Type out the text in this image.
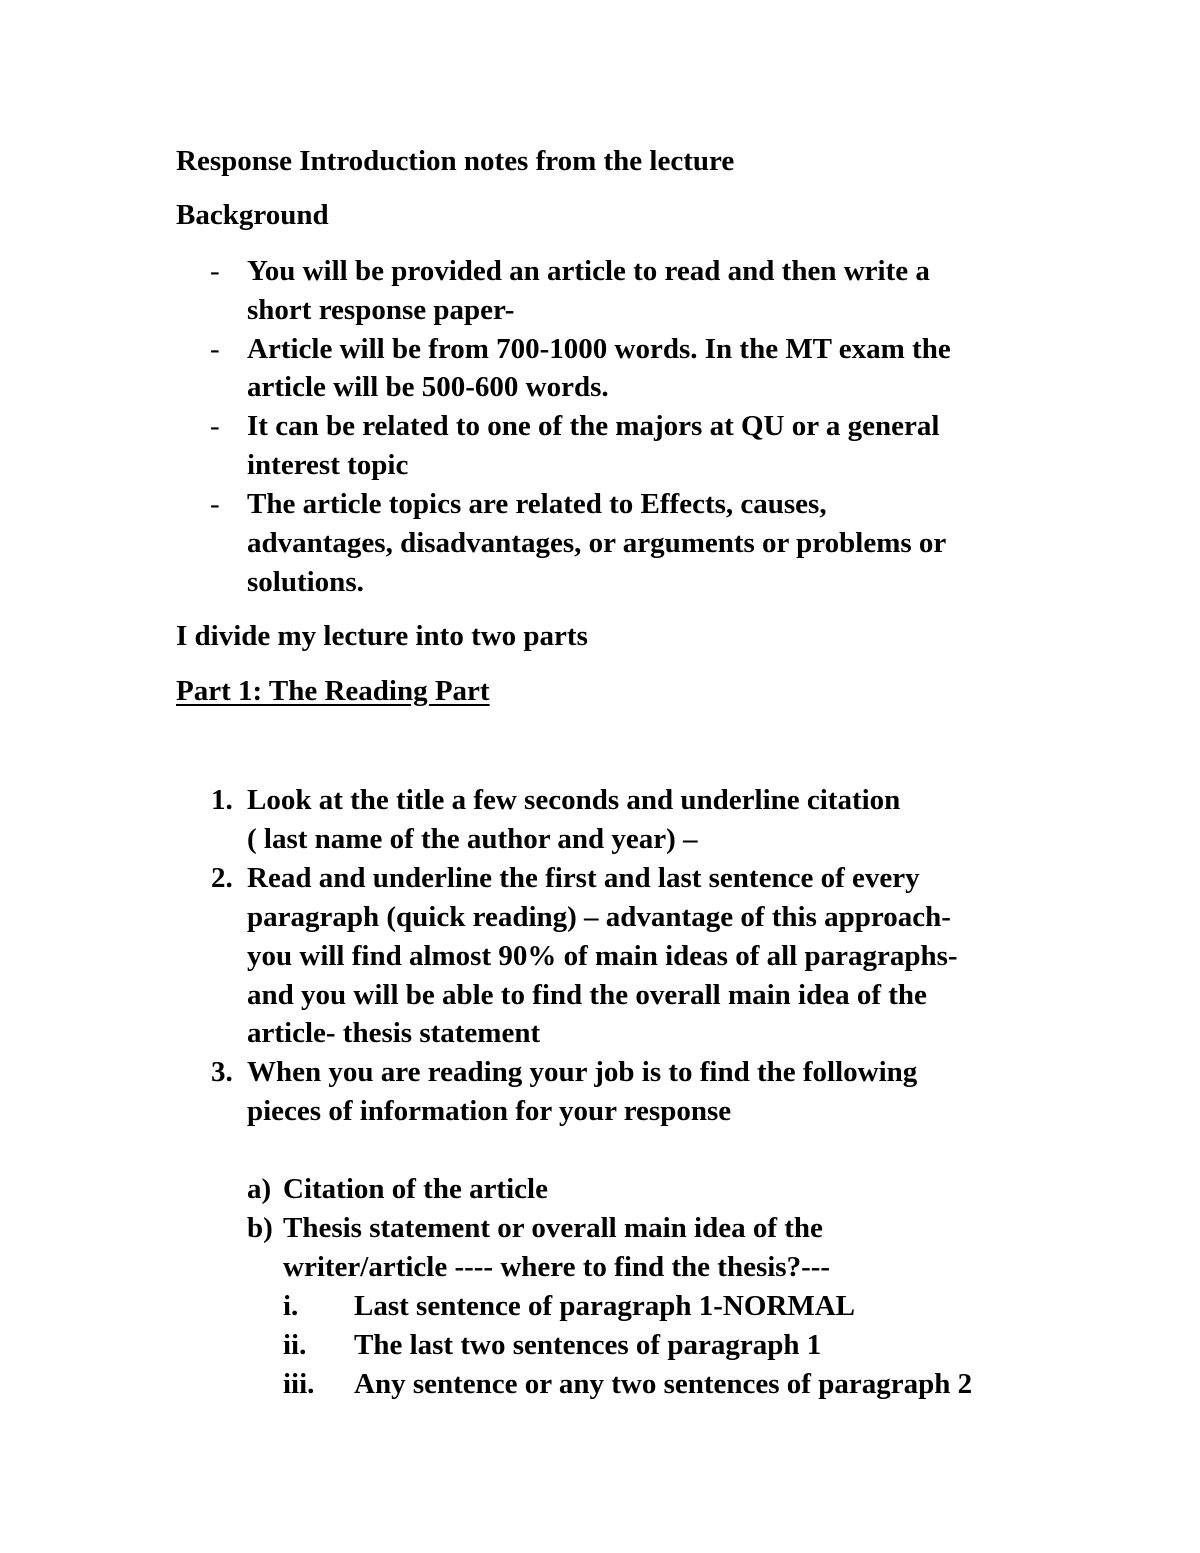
Response Introduction notes from the lecture
Background
- You will be provided an article to read and then write a
short response paper-
- Article will be from 700-1000 words. In the MT exam the
article will be 500-600 words.
- It can be related to one of the majors at QU or a general
interest topic
- The article topics are related to Effects, causes,
advantages, disadvantages, or arguments or problems or
solutions.
I divide my lecture into two parts
Part 1: The Reading Part
1. Look at the title a few seconds and underline citation
( last name of the author and year) –
2. Read and underline the first and last sentence of every
paragraph (quick reading) – advantage of this approach-
you will find almost 90% of main ideas of all paragraphs-
and you will be able to find the overall main idea of the
article- thesis statement
3. When you are reading your job is to find the following
pieces of information for your response
a) Citation of the article
b) Thesis statement or overall main idea of the
writer/article ---- where to find the thesis?---
i. Last sentence of paragraph 1-NORMAL
ii. The last two sentences of paragraph 1
iii. Any sentence or any two sentences of paragraph 2
